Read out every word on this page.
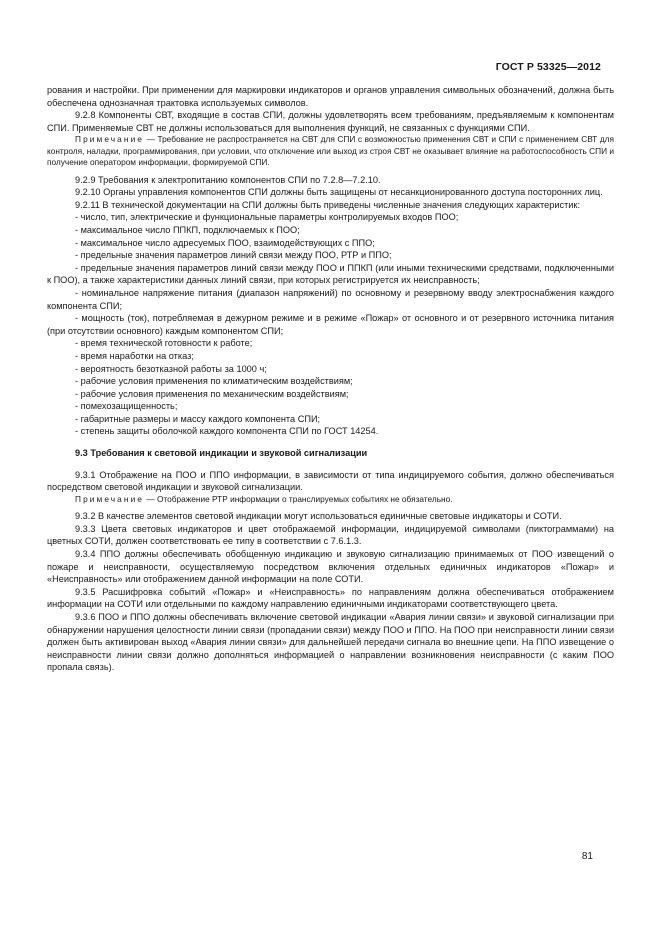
ГОСТ Р 53325—2012

рования и настройки. При применении для маркировки индикаторов и органов управления символьных обозначений, должна быть обеспечена однозначная трактовка используемых символов.

9.2.8 Компоненты СВТ, входящие в состав СПИ, должны удовлетворять всем требованиям, предъявляемым к компонентам СПИ. Применяемые СВТ не должны использоваться для выполнения функций, не связанных с функциями СПИ.

Примечание — Требование не распространяется на СВТ для СПИ с возможностью применения СВТ и СПИ с применением СВТ для контроля, наладки, программирования, при условии, что отключение или выход из строя СВТ не оказывает влияние на работоспособность СПИ и получение оператором информации, формируемой СПИ.

9.2.9 Требования к электропитанию компонентов СПИ по 7.2.8—7.2.10.

9.2.10 Органы управления компонентов СПИ должны быть защищены от несанкционированного доступа посторонних лиц.

9.2.11 В технической документации на СПИ должны быть приведены численные значения следующих характеристик:

- число, тип, электрические и функциональные параметры контролируемых входов ПОО;

- максимальное число ППКП, подключаемых к ПОО;

- максимальное число адресуемых ПОО, взаимодействующих с ППО;

- предельные значения параметров линий связи между ПОО, РТР и ППО;

- предельные значения параметров линий связи между ПОО и ППКП (или иными техническими средствами, подключенными к ПОО), а также характеристики данных линий связи, при которых регистрируется их неисправность;

- номинальное напряжение питания (диапазон напряжений) по основному и резервному вводу электроснабжения каждого компонента СПИ;

- мощность (ток), потребляемая в дежурном режиме и в режиме «Пожар» от основного и от резервного источника питания (при отсутствии основного) каждым компонентом СПИ;

- время технической готовности к работе;

- время наработки на отказ;

- вероятность безотказной работы за 1000 ч;

- рабочие условия применения по климатическим воздействиям;

- рабочие условия применения по механическим воздействиям;

- помехозащищенность;

- габаритные размеры и массу каждого компонента СПИ;

- степень защиты оболочкой каждого компонента СПИ по ГОСТ 14254.

9.3 Требования к световой индикации и звуковой сигнализации

9.3.1 Отображение на ПОО и ППО информации, в зависимости от типа индицируемого события, должно обеспечиваться посредством световой индикации и звуковой сигнализации.

Примечание — Отображение РТР информации о транслируемых событиях не обязательно.

9.3.2 В качестве элементов световой индикации могут использоваться единичные световые индикаторы и СОТИ.

9.3.3 Цвета световых индикаторов и цвет отображаемой информации, индицируемой символами (пиктограммами) на цветных СОТИ, должен соответствовать ее типу в соответствии с 7.6.1.3.

9.3.4 ППО должны обеспечивать обобщенную индикацию и звуковую сигнализацию принимаемых от ПОО извещений о пожаре и неисправности, осуществляемую посредством включения отдельных единичных индикаторов «Пожар» и «Неисправность» или отображением данной информации на поле СОТИ.

9.3.5 Расшифровка событий «Пожар» и «Неисправность» по направлениям должна обеспечиваться отображением информации на СОТИ или отдельными по каждому направлению единичными индикаторами соответствующего цвета.

9.3.6 ПОО и ППО должны обеспечивать включение световой индикации «Авария линии связи» и звуковой сигнализации при обнаружении нарушения целостности линии связи (пропадании связи) между ПОО и ППО. На ПОО при неисправности линии связи должен быть активирован выход «Авария линии связи» для дальнейшей передачи сигнала во внешние цепи. На ППО извещение о неисправности линии связи должно дополняться информацией о направлении возникновения неисправности (с каким ПОО пропала связь).

81
